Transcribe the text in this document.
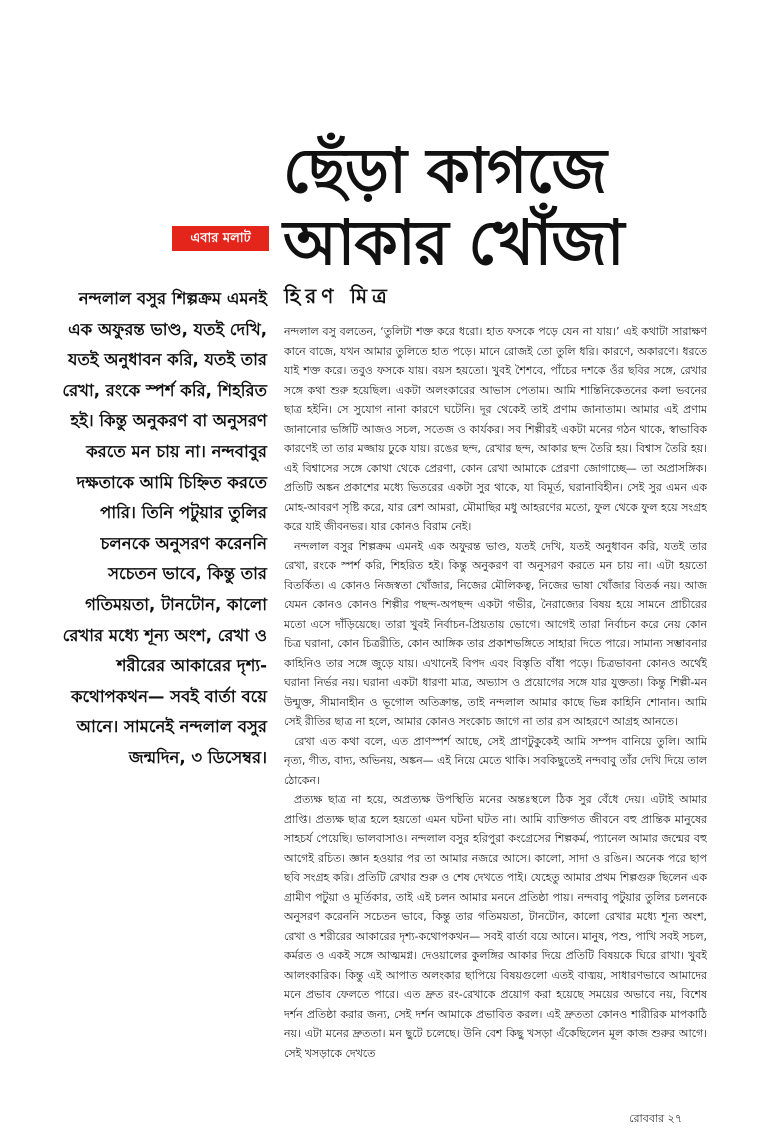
ছেঁড়া কাগজে
আকার খোঁজা
এবার মলাট
হিরণ মিত্র

নন্দলাল বসুর শিল্পক্রম এমনই এক অফুরন্ত ভাণ্ড, যতই দেখি, যতই অনুধাবন করি, যতই তার রেখা, রংকে স্পর্শ করি, শিহরিত হই। কিন্তু অনুকরণ বা অনুসরণ করতে মন চায় না। নন্দবাবুর দক্ষতাকে আমি চিহ্নিত করতে পারি। তিনি পটুয়ার তুলির চলনকে অনুসরণ করেননি সচেতন ভাবে, কিন্তু তার গতিময়তা, টানটোন, কালো রেখার মধ্যে শূন্য অংশ, রেখা ও শরীরের আকারের দৃশ্য-কথোপকথন— সবই বার্তা বয়ে আনে। সামনেই নন্দলাল বসুর জন্মদিন, ৩ ডিসেম্বর।

নন্দলাল বসু বলতেন, ‘তুলিটা শক্ত করে ধরো। হাত ফসকে পড়ে যেন না যায়।’ এই কথাটা সারাক্ষণ কানে বাজে, যখন আমার তুলিতে হাত পড়ে। মানে রোজই তো তুলি ধরি। কারণে, অকারণে। ধরতে যাই শক্ত করে। তবুও ফসকে যায়। বয়স হয়তো। খুবই শৈশবে, পাঁচের দশকে ওঁর ছবির সঙ্গে, রেখার সঙ্গে কথা শুরু হয়েছিল। একটা অলংকারের আভাস পেতাম। আমি শান্তিনিকেতনের কলা ভবনের ছাত্র হইনি। সে সুযোগ নানা কারণে ঘটেনি। দূর থেকেই তাই প্রণাম জানাতাম। আমার এই প্রণাম জানানোর ভঙ্গিটি আজও সচল, সতেজ ও কার্যকর। সব শিল্পীরই একটা মনের গঠন থাকে, স্বাভাবিক কারণেই তা তার মজ্জায় ঢুকে যায়। রঙের ছন্দ, রেখার ছন্দ, আকার ছন্দ তৈরি হয়। বিশ্বাস তৈরি হয়। এই বিশ্বাসের সঙ্গে কোথা থেকে প্রেরণা, কোন রেখা আমাকে প্রেরণা জোগাচ্ছে— তা অপ্রাসঙ্গিক। প্রতিটি অঙ্কন প্রকাশের মধ্যে ভিতরের একটা সুর থাকে, যা বিমূর্ত, ঘরানাবিহীন। সেই সুর এমন এক মোহ-আবরণ সৃষ্টি করে, যার রেশ আমরা, মৌমাছির মধু আহরণের মতো, ফুল থেকে ফুল হয়ে সংগ্রহ করে যাই জীবনভর। যার কোনও বিরাম নেই।

নন্দলাল বসুর শিল্পক্রম এমনই এক অফুরন্ত ভাণ্ড, যতই দেখি, যতই অনুধাবন করি, যতই তার রেখা, রংকে স্পর্শ করি, শিহরিত হই। কিন্তু অনুকরণ বা অনুসরণ করতে মন চায় না। এটা হয়তো বিতর্কিত। এ কোনও নিজস্বতা খোঁজার, নিজের মৌলিকত্ব, নিজের ভাষা খোঁজার বিতর্ক নয়। আজ যেমন কোনও কোনও শিল্পীর পছন্দ-অপছন্দ একটা গভীর, নৈরাজ্যের বিষয় হয়ে সামনে প্রাচীরের মতো এসে দাঁড়িয়েছে। তারা খুবই নির্বাচন-প্রিয়তায় ভোগে। আগেই তারা নির্বাচন করে নেয় কোন চিত্র ঘরানা, কোন চিত্ররীতি, কোন আঙ্গিক তার প্রকাশভঙ্গিতে সাহারা দিতে পারে। সামান্য সম্ভাবনার কাহিনিও তার সঙ্গে জুড়ে যায়। এখানেই বিপদ এবং বিস্তৃতি বাঁধা পড়ে। চিত্রভাবনা কোনও অর্থেই ঘরানা নির্ভর নয়। ঘরানা একটা ধারণা মাত্র, অভ্যাস ও প্রয়োগের সঙ্গে যার যুক্ততা। কিন্তু শিল্পী-মন উন্মুক্ত, সীমানাহীন ও ভূগোল অতিক্রান্ত, তাই নন্দলাল আমার কাছে ভিন্ন কাহিনি শোনান। আমি সেই রীতির ছাত্র না হলে, আমার কোনও সংকোচ জাগে না তার রস আহরণে আগ্রহ আনতে।

রেখা এত কথা বলে, এত প্রাণস্পর্শ আছে, সেই প্রাণটুকুকেই আমি সম্পদ বানিয়ে তুলি। আমি নৃত্য, গীত, বাদ্য, অভিনয়, অঙ্কন— এই নিয়ে মেতে থাকি। সবকিছুতেই নন্দবাবু তাঁর দেখি দিয়ে তাল ঠোকেন।

প্রত্যক্ষ ছাত্র না হয়ে, অপ্রত্যক্ষ উপস্থিতি মনের অন্তঃস্থলে ঠিক সুর বেঁধে দেয়। এটাই আমার প্রাপ্তি। প্রত্যক্ষ ছাত্র হলে হয়তো এমন ঘটনা ঘটত না। আমি ব্যক্তিগত জীবনে বহু প্রান্তিক মানুষের সাহচর্য পেয়েছি। ভালবাসাও। নন্দলাল বসুর হরিপুরা কংগ্রেসের শিল্পকর্ম, প্যানেল আমার জন্মের বহু আগেই রচিত। জ্ঞান হওয়ার পর তা আমার নজরে আসে। কালো, সাদা ও রঙিন। অনেক পরে ছাপ ছবি সংগ্রহ করি। প্রতিটি রেখার শুরু ও শেষ দেখতে পাই। যেহেতু আমার প্রথম শিল্পগুরু ছিলেন এক গ্রামীণ পটুয়া ও মূর্তিকার, তাই এই চলন আমার মননে প্রতিষ্ঠা পায়। নন্দবাবু পটুয়ার তুলির চলনকে অনুসরণ করেননি সচেতন ভাবে, কিন্তু তার গতিময়তা, টানটোন, কালো রেখার মধ্যে শূন্য অংশ, রেখা ও শরীরের আকারের দৃশ্য-কথোপকথন— সবই বার্তা বয়ে আনে। মানুষ, পশু, পাখি সবই সচল, কর্মরত ও একই সঙ্গে আত্মমগ্ন। দেওয়ালের কুলঙ্গির আকার দিয়ে প্রতিটি বিষয়কে ঘিরে রাখা। খুবই আলংকারিক। কিন্তু এই আপাত অলংকার ছাপিয়ে বিষয়গুলো এতই বাঙ্ময়, সাধারণভাবে আমাদের মনে প্রভাব ফেলতে পারে। এত দ্রুত রং-রেখাকে প্রয়োগ করা হয়েছে সময়ের অভাবে নয়, বিশেষ দর্শন প্রতিষ্ঠা করার জন্য, সেই দর্শন আমাকে প্রভাবিত করল। এই দ্রুততা কোনও শারীরিক মাপকাঠি নয়। এটা মনের দ্রুততা। মন ছুটে চলেছে। উনি বেশ কিছু খসড়া এঁকেছিলেন মূল কাজ শুরুর আগে। সেই খসড়াকে দেখতে

রোববার ২৭
